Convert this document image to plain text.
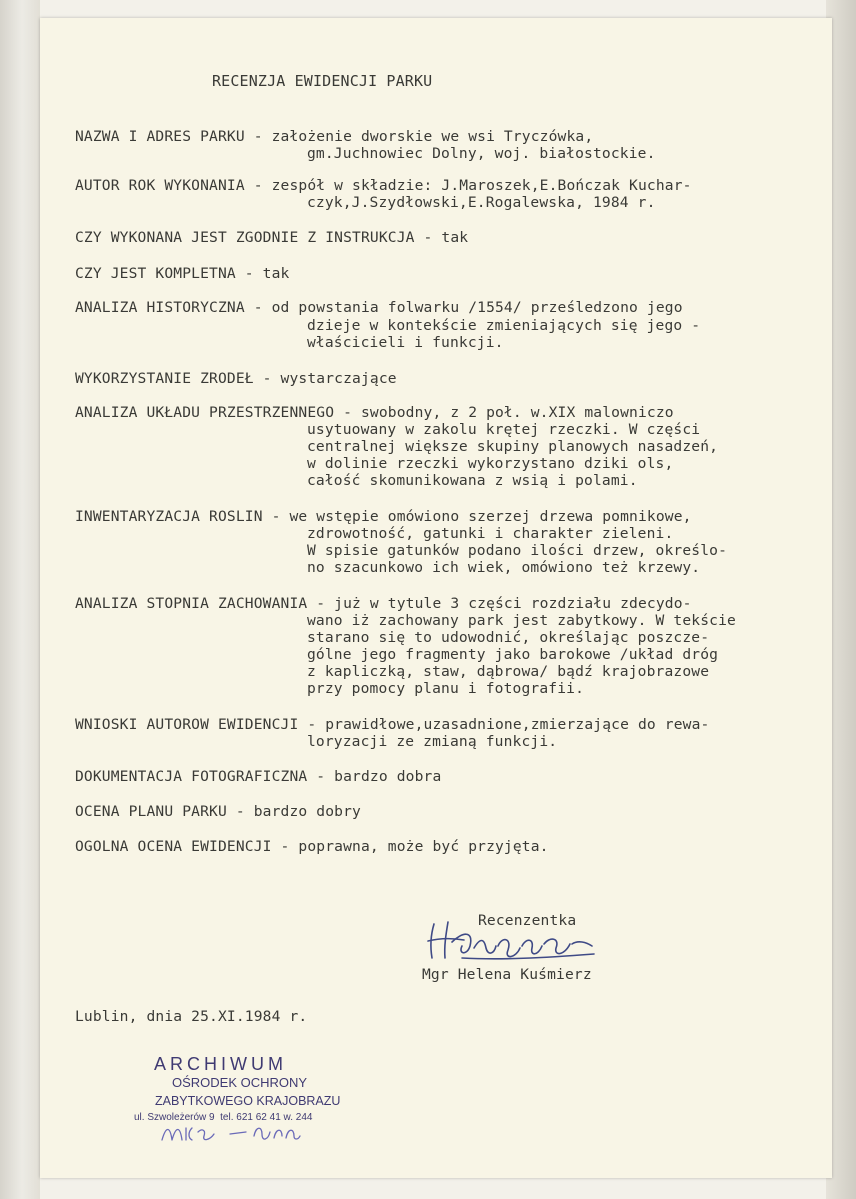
RECENZJA EWIDENCJI PARKU
NAZWA I ADRES PARKU - założenie dworskie we wsi Tryczówka,
gm.Juchnowiec Dolny, woj. białostockie.
AUTOR ROK WYKONANIA - zespół w składzie: J.Maroszek,E.Bończak Kuchar-
czyk,J.Szydłowski,E.Rogalewska, 1984 r.
CZY WYKONANA JEST ZGODNIE Z INSTRUKCJA - tak
CZY JEST KOMPLETNA - tak
ANALIZA HISTORYCZNA - od powstania folwarku /1554/ prześledzono jego
dzieje w kontekście zmieniających się jego -
właścicieli i funkcji.
WYKORZYSTANIE ZRODEŁ - wystarczające
ANALIZA UKŁADU PRZESTRZENNEGO - swobodny, z 2 poł. w.XIX malowniczo
usytuowany w zakolu krętej rzeczki. W części
centralnej większe skupiny planowych nasadzeń,
w dolinie rzeczki wykorzystano dziki ols,
całość skomunikowana z wsią i polami.
INWENTARYZACJA ROSLIN - we wstępie omówiono szerzej drzewa pomnikowe,
zdrowotność, gatunki i charakter zieleni.
W spisie gatunków podano ilości drzew, określo-
no szacunkowo ich wiek, omówiono też krzewy.
ANALIZA STOPNIA ZACHOWANIA - już w tytule 3 części rozdziału zdecydo-
wano iż zachowany park jest zabytkowy. W tekście
starano się to udowodnić, określając poszcze-
gólne jego fragmenty jako barokowe /układ dróg
z kapliczką, staw, dąbrowa/ bądź krajobrazowe
przy pomocy planu i fotografii.
WNIOSKI AUTOROW EWIDENCJI - prawidłowe,uzasadnione,zmierzające do rewa-
loryzacji ze zmianą funkcji.
DOKUMENTACJA FOTOGRAFICZNA - bardzo dobra
OCENA PLANU PARKU - bardzo dobry
OGOLNA OCENA EWIDENCJI - poprawna, może być przyjęta.
Recenzentka
Mgr Helena Kuśmierz
Lublin, dnia 25.XI.1984 r.
ARCHIWUM
OŚRODEK OCHRONY
ZABYTKOWEGO KRAJOBRAZU
ul. Szwoleżerów 9  tel. 621 62 41 w. 244
